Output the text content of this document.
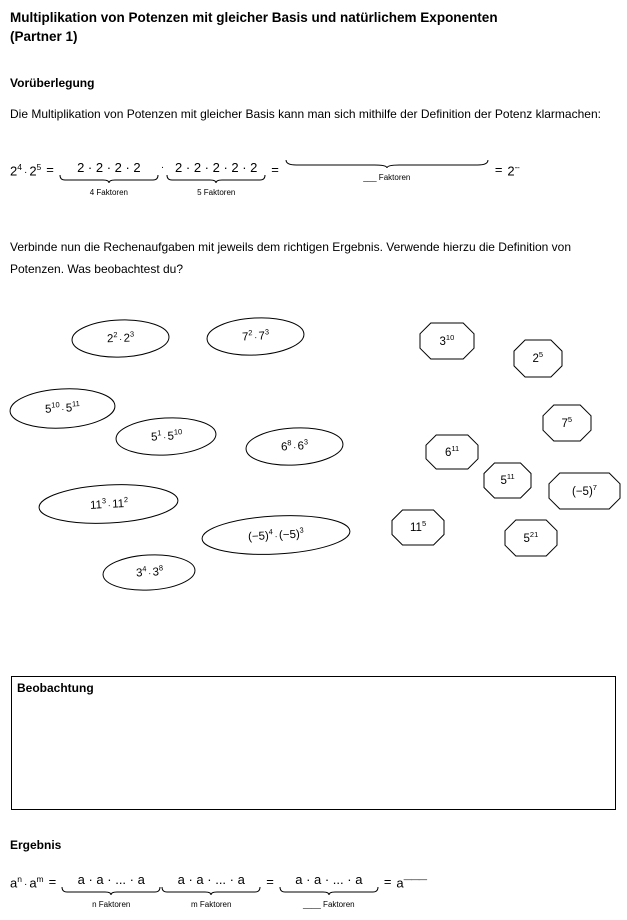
Multiplikation von Potenzen mit gleicher Basis und natürlichem Exponenten
(Partner 1)
Vorüberlegung
Die Multiplikation von Potenzen mit gleicher Basis kann man sich mithilfe der Definition der Potenz klarmachen:
$2^4\cdot 2^5$ =	2 · 2 · 2 · 2
4 Faktoren
· 2 · 2 · 2 · 2 · 2
5 Faktoren
=
___ Faktoren
= 2--
Verbinde nun die Rechenaufgaben mit jeweils dem richtigen Ergebnis. Verwende hierzu die Definition von Potenzen. Was beobachtest du?
$2^2\cdot 2^3$	$7^2\cdot 7^3$
$5^{10}\cdot 5^{11}$
$5^1\cdot 5^{10}$
$6^8\cdot 6^3$
$11^3\cdot 11^2$
$(-5)^4\cdot(-5)^3$
$3^4\cdot 3^8$
$3^{10}$
$2^5$
$7^5$
$6^{11}$
$5^{11}$
$(-5)^7$
$11^5$
$5^{21}$
Beobachtung
Ergebnis
$a^n\cdot a^m$ =	a · a · ... · a
n Faktoren
a · a · ... · a
m Faktoren
=	a · a · ... · a
____ Faktoren
= a———
